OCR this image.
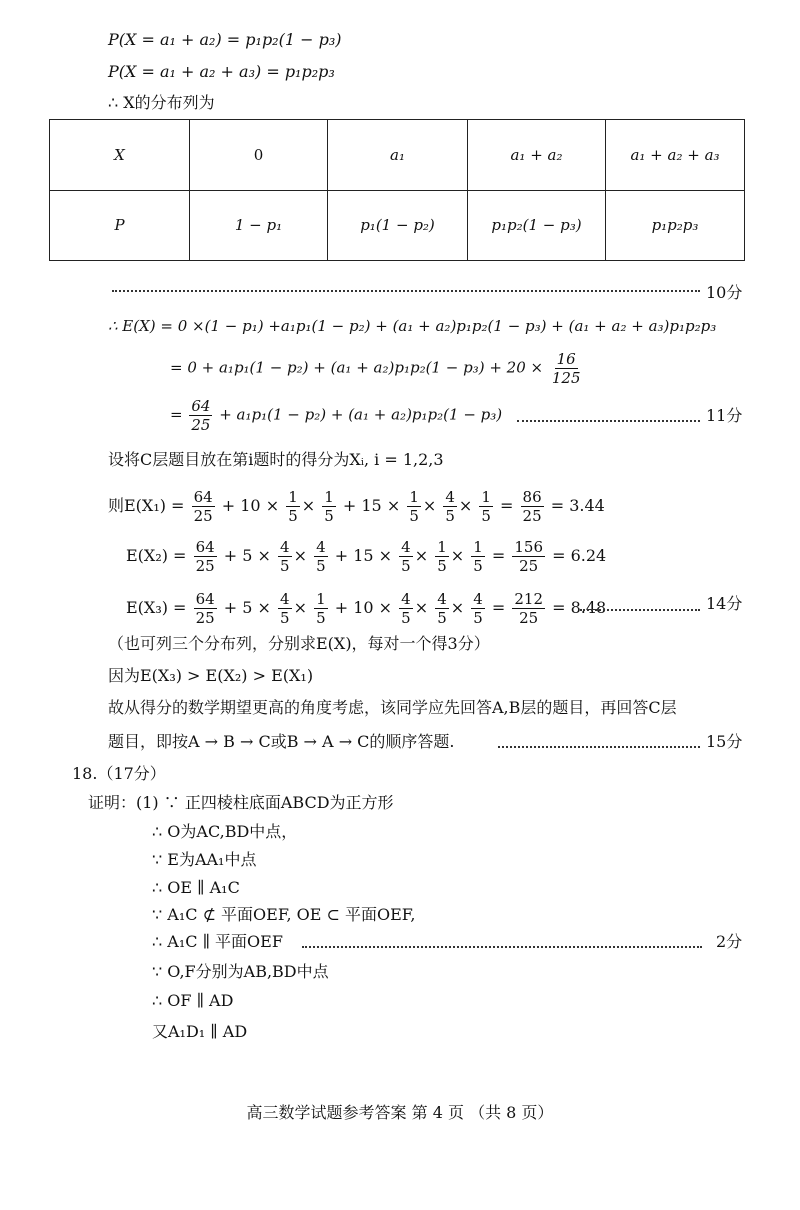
P(X = a₁ + a₂) = p₁p₂(1 − p₃)
P(X = a₁ + a₂ + a₃) = p₁p₂p₃
∴ X的分布列为
X	0	a₁	a₁ + a₂	a₁ + a₂ + a₃
P	1 − p₁	p₁(1 − p₂)	p₁p₂(1 − p₃)	p₁p₂p₃
10分
∴ E(X) = 0 ×(1 − p₁) +a₁p₁(1 − p₂) + (a₁ + a₂)p₁p₂(1 − p₃) + (a₁ + a₂ + a₃)p₁p₂p₃
= $0 + a_1p_1(1 - p_2) + (a_1 + a_2)p_1p_2(1 - p_3) + 20 \times \frac{16}{125}$
= $\frac{64}{25} + a_1p_1(1 - p_2) + (a_1 + a_2)p_1p_2(1 - p_3)$	11分
设将C层题目放在第i题时的得分为Xᵢ, i = 1,2,3
则$E(X_1) = \frac{64}{25} + 10 \times \frac{1}{5} \times \frac{1}{5} + 15 \times \frac{1}{5} \times \frac{4}{5} \times \frac{1}{5} = \frac{86}{25} = 3.44$
$E(X_2) = \frac{64}{25} + 5 \times \frac{4}{5} \times \frac{4}{5} + 15 \times \frac{4}{5} \times \frac{1}{5} \times \frac{1}{5} = \frac{156}{25} = 6.24$
$E(X_3) = \frac{64}{25} + 5 \times \frac{4}{5} \times \frac{1}{5} + 10 \times \frac{4}{5} \times \frac{4}{5} \times \frac{4}{5} = \frac{212}{25} = 8.48$	14分
（也可列三个分布列，分别求E(X)，每对一个得3分）
因为E(X₃) > E(X₂) > E(X₁)
故从得分的数学期望更高的角度考虑，该同学应先回答A,B层的题目，再回答C层
题目，即按A → B → C或B → A → C的顺序答题.	15分
18.（17分）
证明：(1) ∵ 正四棱柱底面ABCD为正方形
∴ O为AC,BD中点，
∵ E为AA₁中点
∴ OE ∥ A₁C
∵ A₁C ⊄ 平面OEF, OE ⊂ 平面OEF,
∴ A₁C ∥ 平面OEF	2分
∵ O,F分别为AB,BD中点
∴ OF ∥ AD
又A₁D₁ ∥ AD
高三数学试题参考答案 第 4 页 （共 8 页）
